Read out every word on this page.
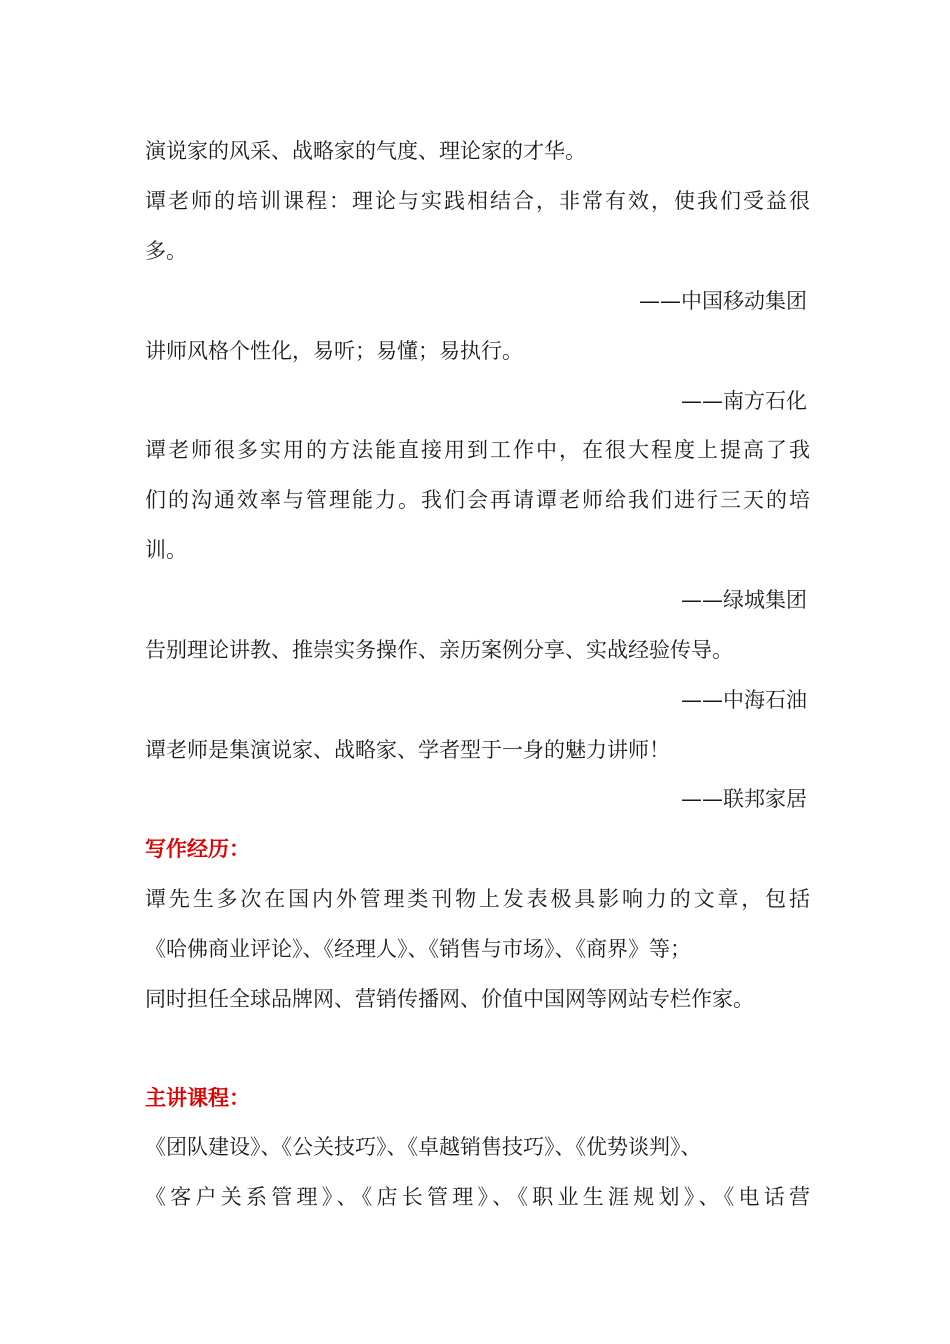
演说家的风采、战略家的气度、理论家的才华。
谭老师的培训课程：理论与实践相结合，非常有效，使我们受益很
多。
——中国移动集团
讲师风格个性化，易听；易懂；易执行。
——南方石化
谭老师很多实用的方法能直接用到工作中，在很大程度上提高了我
们的沟通效率与管理能力。我们会再请谭老师给我们进行三天的培
训。
——绿城集团
告别理论讲教、推崇实务操作、亲历案例分享、实战经验传导。
——中海石油
谭老师是集演说家、战略家、学者型于一身的魅力讲师！
——联邦家居
写作经历：
谭先生多次在国内外管理类刊物上发表极具影响力的文章，包括
《哈佛商业评论》、《经理人》、《销售与市场》、《商界》等；
同时担任全球品牌网、营销传播网、价值中国网等网站专栏作家。
主讲课程：
《团队建设》、《公关技巧》、《卓越销售技巧》、《优势谈判》、
《客户关系管理》、《店长管理》、《职业生涯规划》、《电话营
